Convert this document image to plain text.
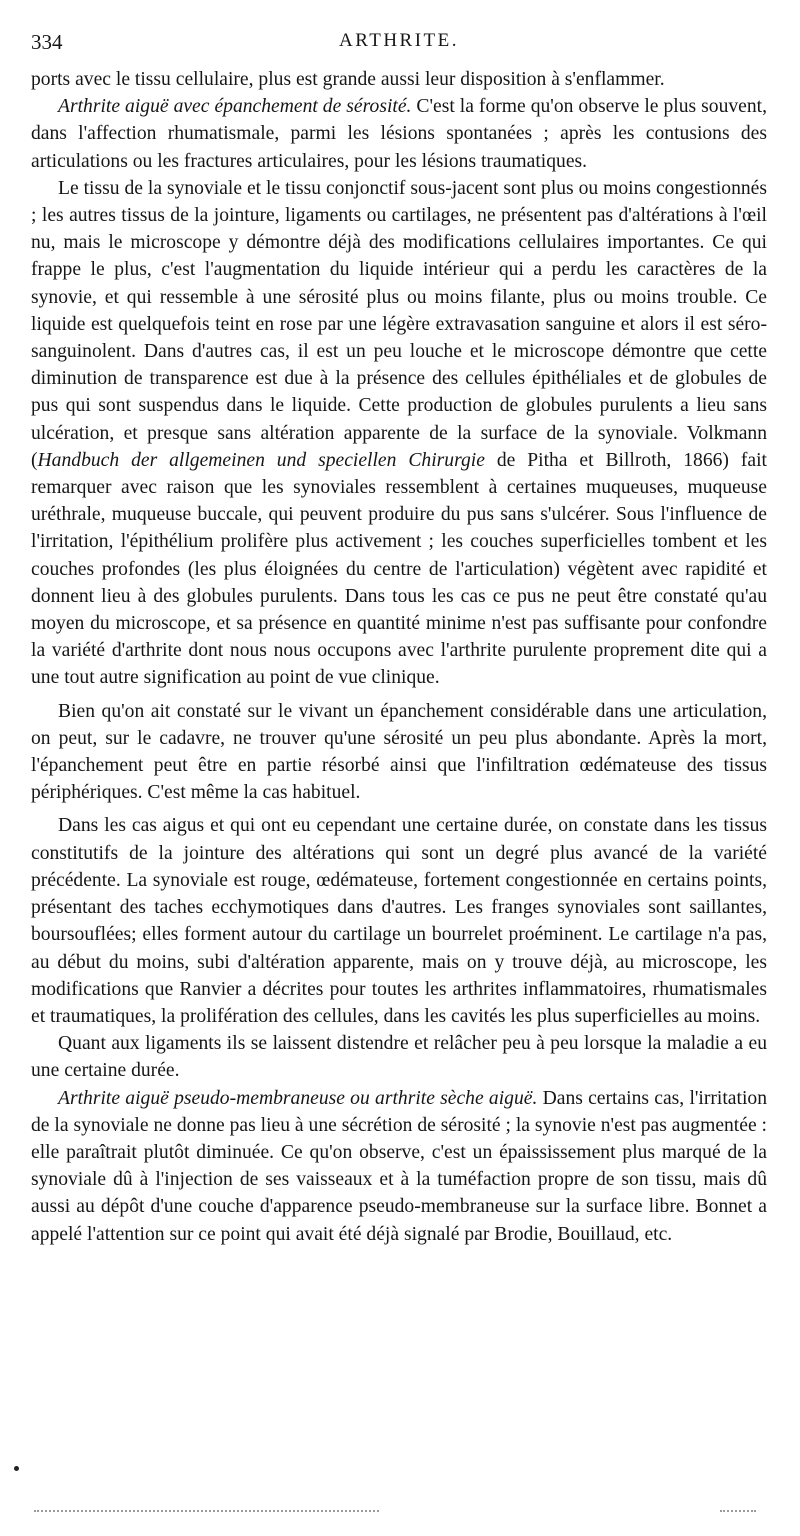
334	ARTHRITE.

ports avec le tissu cellulaire, plus est grande aussi leur disposition à s'enflammer.

Arthrite aiguë avec épanchement de sérosité. C'est la forme qu'on observe le plus souvent, dans l'affection rhumatismale, parmi les lésions spontanées ; après les contusions des articulations ou les fractures articulaires, pour les lésions traumatiques.

Le tissu de la synoviale et le tissu conjonctif sous-jacent sont plus ou moins congestionnés ; les autres tissus de la jointure, ligaments ou cartilages, ne présentent pas d'altérations à l'œil nu, mais le microscope y démontre déjà des modifications cellulaires importantes. Ce qui frappe le plus, c'est l'augmentation du liquide intérieur qui a perdu les caractères de la synovie, et qui ressemble à une sérosité plus ou moins filante, plus ou moins trouble. Ce liquide est quelquefois teint en rose par une légère extravasation sanguine et alors il est séro-sanguinolent. Dans d'autres cas, il est un peu louche et le microscope démontre que cette diminution de transparence est due à la présence des cellules épithéliales et de globules de pus qui sont suspendus dans le liquide. Cette production de globules purulents a lieu sans ulcération, et presque sans altération apparente de la surface de la synoviale. Volkmann (Handbuch der allgemeinen und speciellen Chirurgie de Pitha et Billroth, 1866) fait remarquer avec raison que les synoviales ressemblent à certaines muqueuses, muqueuse uréthrale, muqueuse buccale, qui peuvent produire du pus sans s'ulcérer. Sous l'influence de l'irritation, l'épithélium prolifère plus activement ; les couches superficielles tombent et les couches profondes (les plus éloignées du centre de l'articulation) végètent avec rapidité et donnent lieu à des globules purulents. Dans tous les cas ce pus ne peut être constaté qu'au moyen du microscope, et sa présence en quantité minime n'est pas suffisante pour confondre la variété d'arthrite dont nous nous occupons avec l'arthrite purulente proprement dite qui a une tout autre signification au point de vue clinique.

Bien qu'on ait constaté sur le vivant un épanchement considérable dans une articulation, on peut, sur le cadavre, ne trouver qu'une sérosité un peu plus abondante. Après la mort, l'épanchement peut être en partie résorbé ainsi que l'infiltration œdémateuse des tissus périphériques. C'est même la cas habituel.

Dans les cas aigus et qui ont eu cependant une certaine durée, on constate dans les tissus constitutifs de la jointure des altérations qui sont un degré plus avancé de la variété précédente. La synoviale est rouge, œdémateuse, fortement congestionnée en certains points, présentant des taches ecchymotiques dans d'autres. Les franges synoviales sont saillantes, boursouflées; elles forment autour du cartilage un bourrelet proéminent. Le cartilage n'a pas, au début du moins, subi d'altération apparente, mais on y trouve déjà, au microscope, les modifications que Ranvier a décrites pour toutes les arthrites inflammatoires, rhumatismales et traumatiques, la prolifération des cellules, dans les cavités les plus superficielles au moins.

Quant aux ligaments ils se laissent distendre et relâcher peu à peu lorsque la maladie a eu une certaine durée.

Arthrite aiguë pseudo-membraneuse ou arthrite sèche aiguë. Dans certains cas, l'irritation de la synoviale ne donne pas lieu à une sécrétion de sérosité ; la synovie n'est pas augmentée : elle paraîtrait plutôt diminuée. Ce qu'on observe, c'est un épaississement plus marqué de la synoviale dû à l'injection de ses vaisseaux et à la tuméfaction propre de son tissu, mais dû aussi au dépôt d'une couche d'apparence pseudo-membraneuse sur la surface libre. Bonnet a appelé l'attention sur ce point qui avait été déjà signalé par Brodie, Bouillaud, etc.
